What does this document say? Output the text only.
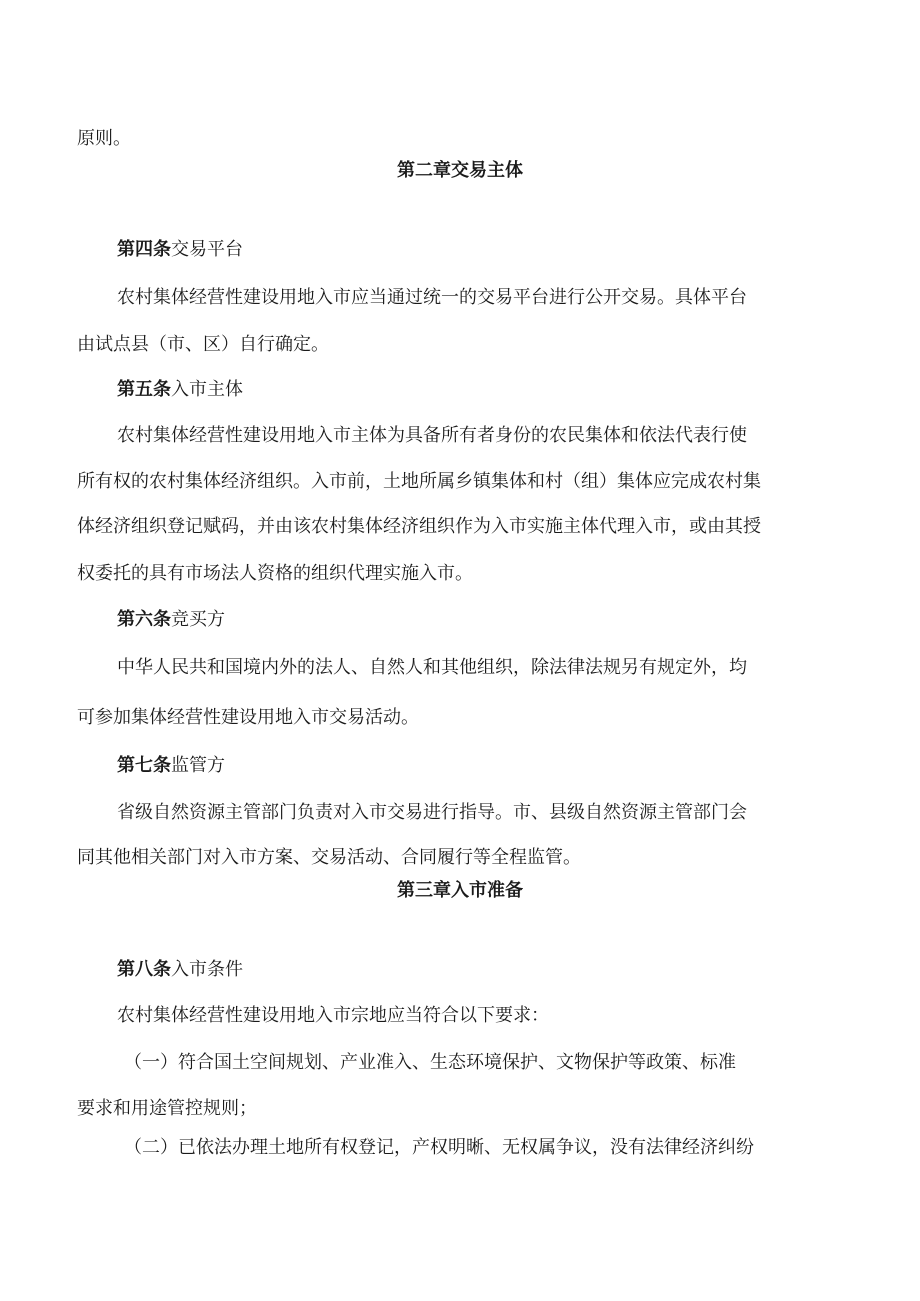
原则。
第二章交易主体
第四条交易平台
农村集体经营性建设用地入市应当通过统一的交易平台进行公开交易。具体平台
由试点县（市、区）自行确定。
第五条入市主体
农村集体经营性建设用地入市主体为具备所有者身份的农民集体和依法代表行使
所有权的农村集体经济组织。入市前，土地所属乡镇集体和村（组）集体应完成农村集
体经济组织登记赋码，并由该农村集体经济组织作为入市实施主体代理入市，或由其授
权委托的具有市场法人资格的组织代理实施入市。
第六条竞买方
中华人民共和国境内外的法人、自然人和其他组织，除法律法规另有规定外，均
可参加集体经营性建设用地入市交易活动。
第七条监管方
省级自然资源主管部门负责对入市交易进行指导。市、县级自然资源主管部门会
同其他相关部门对入市方案、交易活动、合同履行等全程监管。
第三章入市准备
第八条入市条件
农村集体经营性建设用地入市宗地应当符合以下要求：
（一）符合国土空间规划、产业准入、生态环境保护、文物保护等政策、标准
要求和用途管控规则；
（二）已依法办理土地所有权登记，产权明晰、无权属争议，没有法律经济纠纷
